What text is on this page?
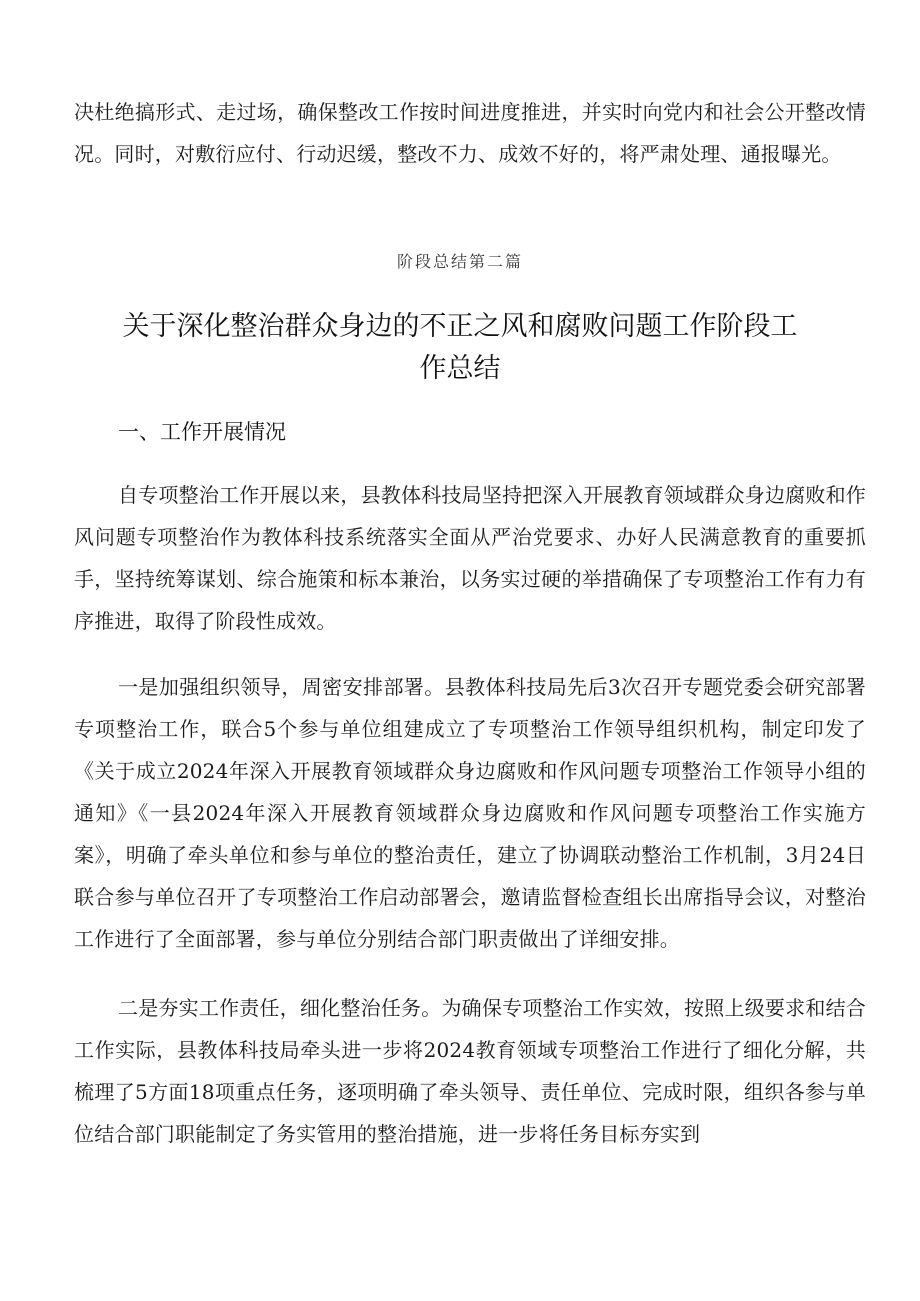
决杜绝搞形式、走过场，确保整改工作按时间进度推进，并实时向党内和社会公开整改情况。同时，对敷衍应付、行动迟缓，整改不力、成效不好的，将严肃处理、通报曝光。

阶段总结第二篇

关于深化整治群众身边的不正之风和腐败问题工作阶段工作总结
一、工作开展情况

自专项整治工作开展以来，县教体科技局坚持把深入开展教育领域群众身边腐败和作风问题专项整治作为教体科技系统落实全面从严治党要求、办好人民满意教育的重要抓手，坚持统筹谋划、综合施策和标本兼治，以务实过硬的举措确保了专项整治工作有力有序推进，取得了阶段性成效。

一是加强组织领导，周密安排部署。县教体科技局先后3次召开专题党委会研究部署专项整治工作，联合5个参与单位组建成立了专项整治工作领导组织机构，制定印发了《关于成立2024年深入开展教育领域群众身边腐败和作风问题专项整治工作领导小组的通知》《一县2024年深入开展教育领域群众身边腐败和作风问题专项整治工作实施方案》，明确了牵头单位和参与单位的整治责任，建立了协调联动整治工作机制，3月24日联合参与单位召开了专项整治工作启动部署会，邀请监督检查组长出席指导会议，对整治工作进行了全面部署，参与单位分别结合部门职责做出了详细安排。

二是夯实工作责任，细化整治任务。为确保专项整治工作实效，按照上级要求和结合工作实际，县教体科技局牵头进一步将2024教育领域专项整治工作进行了细化分解，共梳理了5方面18项重点任务，逐项明确了牵头领导、责任单位、完成时限，组织各参与单位结合部门职能制定了务实管用的整治措施，进一步将任务目标夯实到
